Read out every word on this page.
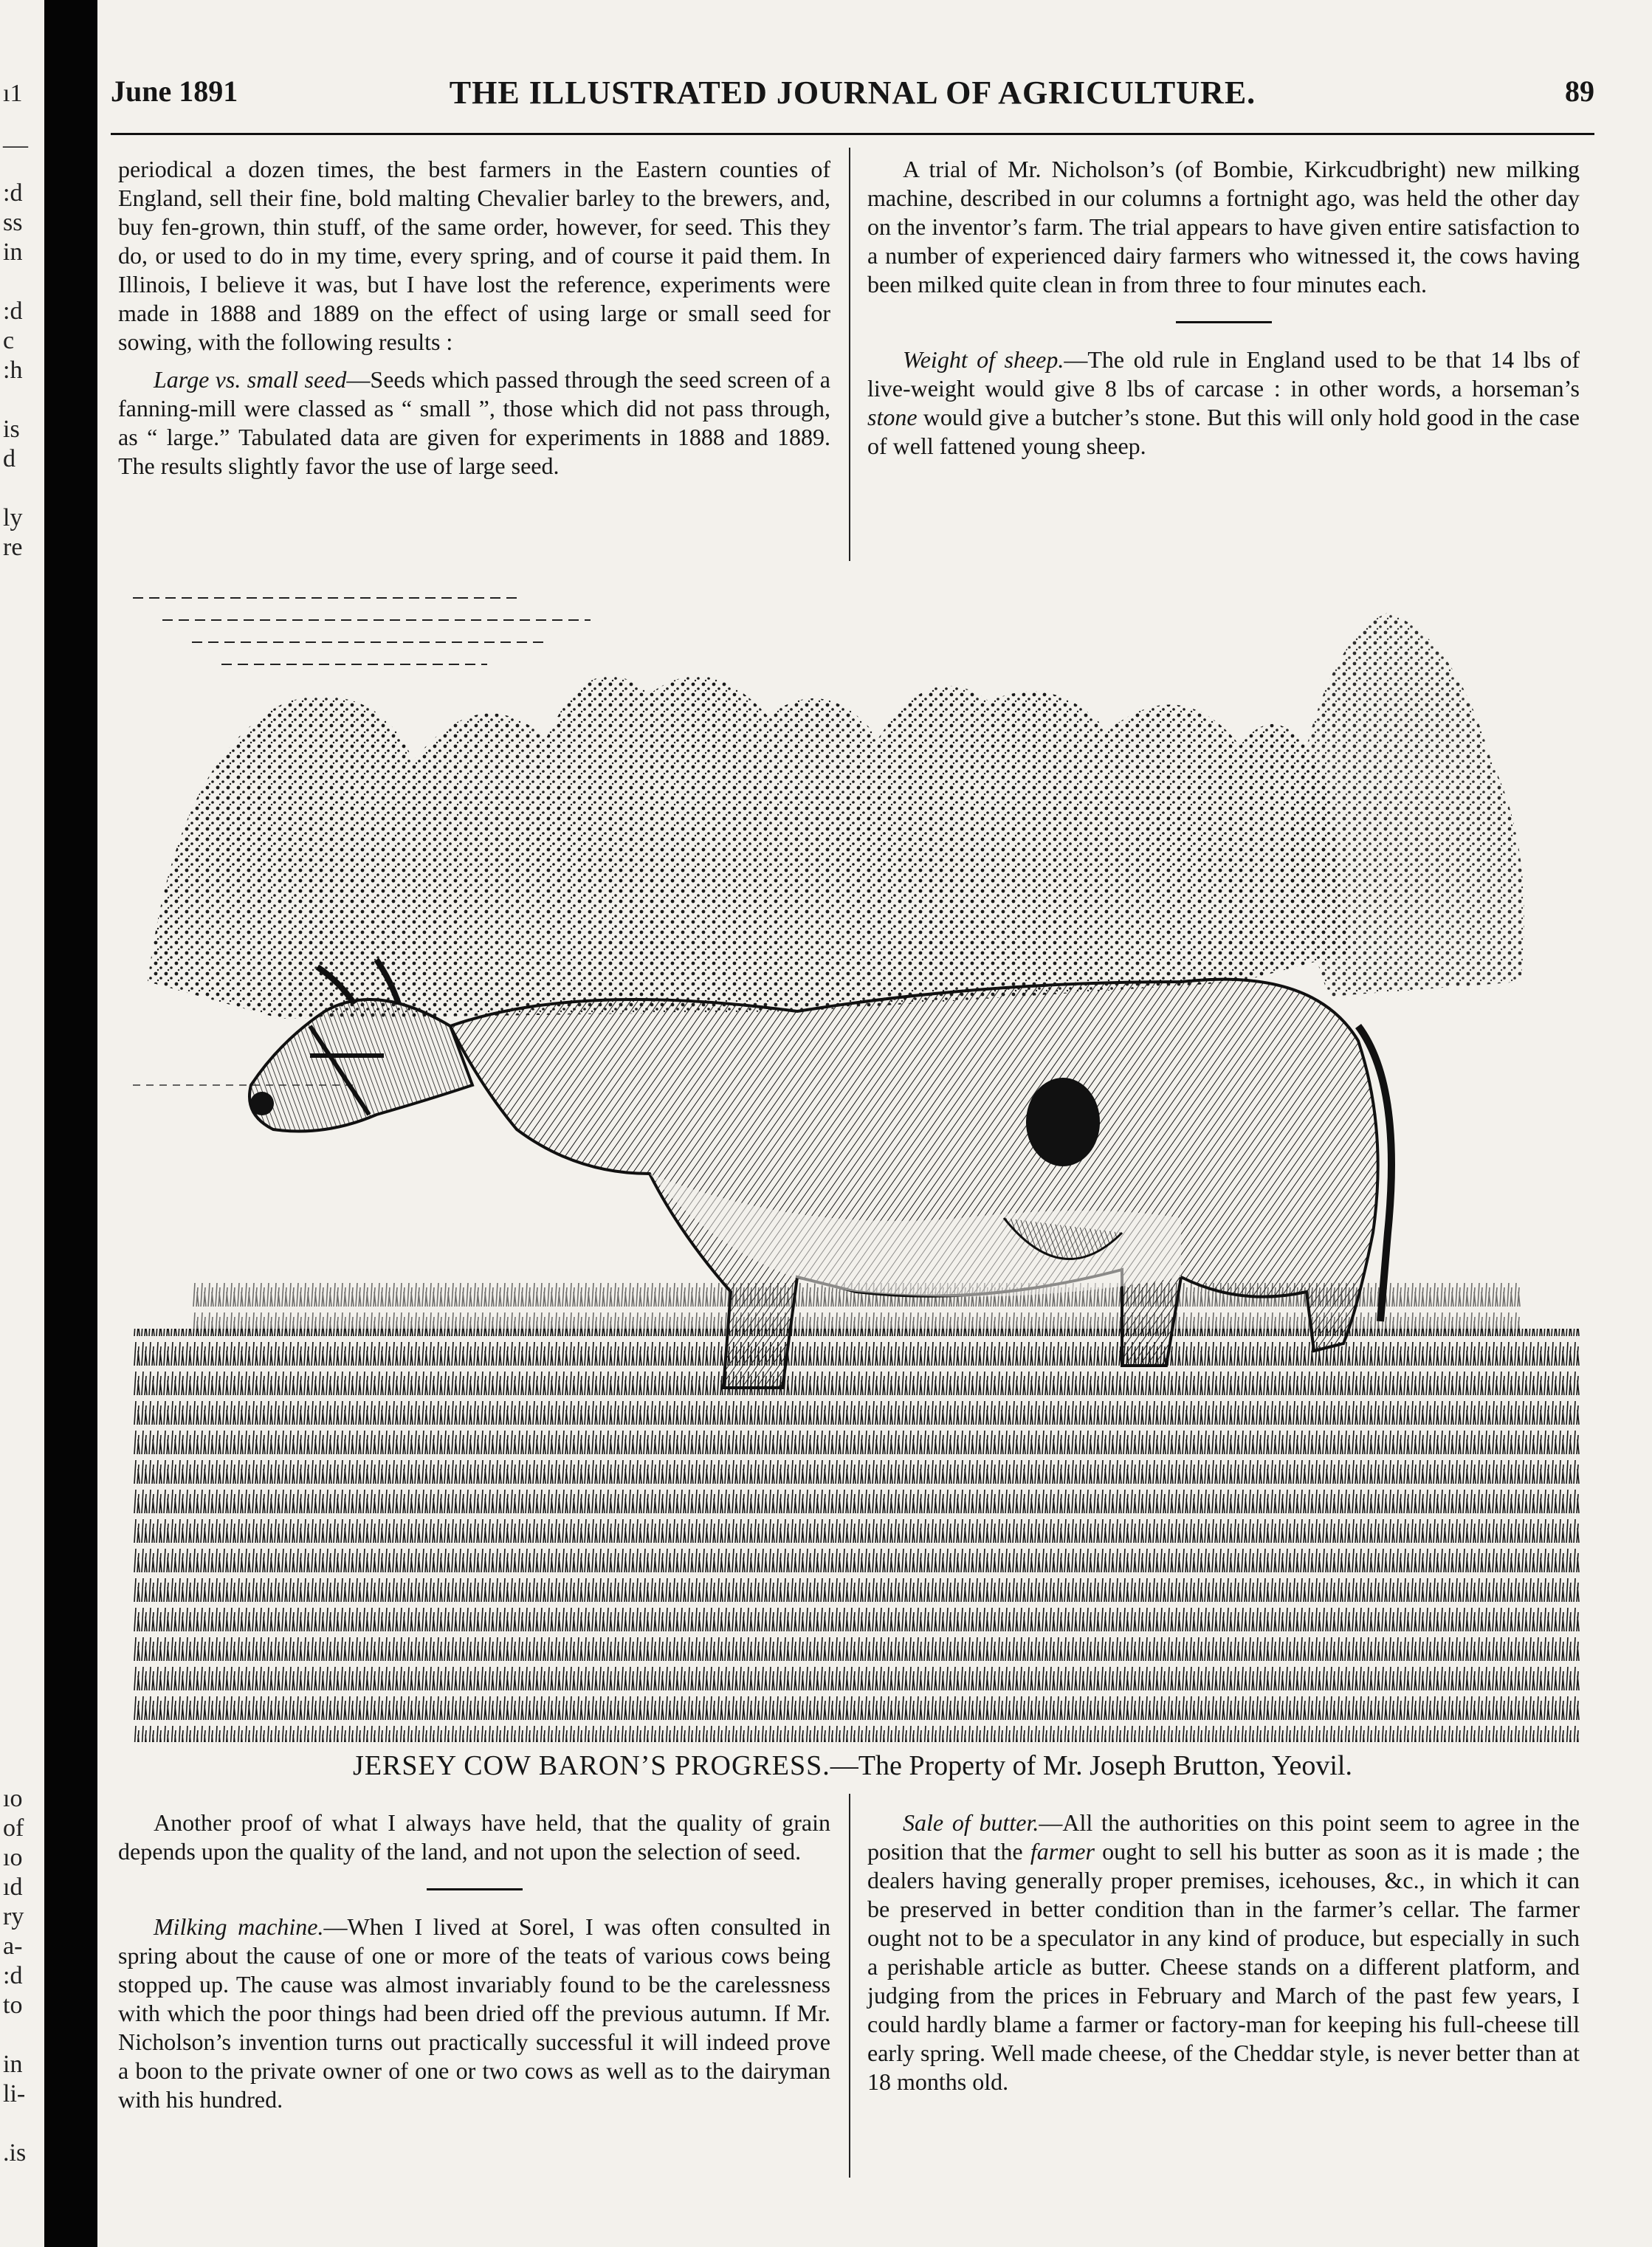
ı1
—
:d
ss
in
:d
c
:h
is
d
ly
re
ıo
of
ıo
ıd
ry
a-
:d
to
in
li-
.is
June 1891	THE ILLUSTRATED JOURNAL OF AGRICULTURE.	89

periodical a dozen times, the best farmers in the Eastern counties of England, sell their fine, bold malting Chevalier barley to the brewers, and, buy fen-grown, thin stuff, of the same order, however, for seed. This they do, or used to do in my time, every spring, and of course it paid them. In Illinois, I believe it was, but I have lost the reference, experiments were made in 1888 and 1889 on the effect of using large or small seed for sowing, with the following results :

Large vs. small seed—Seeds which passed through the seed screen of a fanning-mill were classed as “ small ”, those which did not pass through, as “ large.” Tabulated data are given for experiments in 1888 and 1889. The results slightly favor the use of large seed.

A trial of Mr. Nicholson’s (of Bombie, Kirkcudbright) new milking machine, described in our columns a fortnight ago, was held the other day on the inventor’s farm. The trial appears to have given entire satisfaction to a number of experienced dairy farmers who witnessed it, the cows having been milked quite clean in from three to four minutes each.

Weight of sheep.—The old rule in England used to be that 14 lbs of live-weight would give 8 lbs of carcase : in other words, a horseman’s stone would give a butcher’s stone. But this will only hold good in the case of well fattened young sheep.

JERSEY COW BARON’S PROGRESS.—The Property of Mr. Joseph Brutton, Yeovil.

Another proof of what I always have held, that the quality of grain depends upon the quality of the land, and not upon the selection of seed.

Milking machine.—When I lived at Sorel, I was often consulted in spring about the cause of one or more of the teats of various cows being stopped up. The cause was almost invariably found to be the carelessness with which the poor things had been dried off the previous autumn. If Mr. Nicholson’s invention turns out practically successful it will indeed prove a boon to the private owner of one or two cows as well as to the dairyman with his hundred.

Sale of butter.—All the authorities on this point seem to agree in the position that the farmer ought to sell his butter as soon as it is made ; the dealers having generally proper premises, icehouses, &c., in which it can be preserved in better condition than in the farmer’s cellar. The farmer ought not to be a speculator in any kind of produce, but especially in such a perishable article as butter. Cheese stands on a different platform, and judging from the prices in February and March of the past few years, I could hardly blame a farmer or factory-man for keeping his full-cheese till early spring. Well made cheese, of the Cheddar style, is never better than at 18 months old.
